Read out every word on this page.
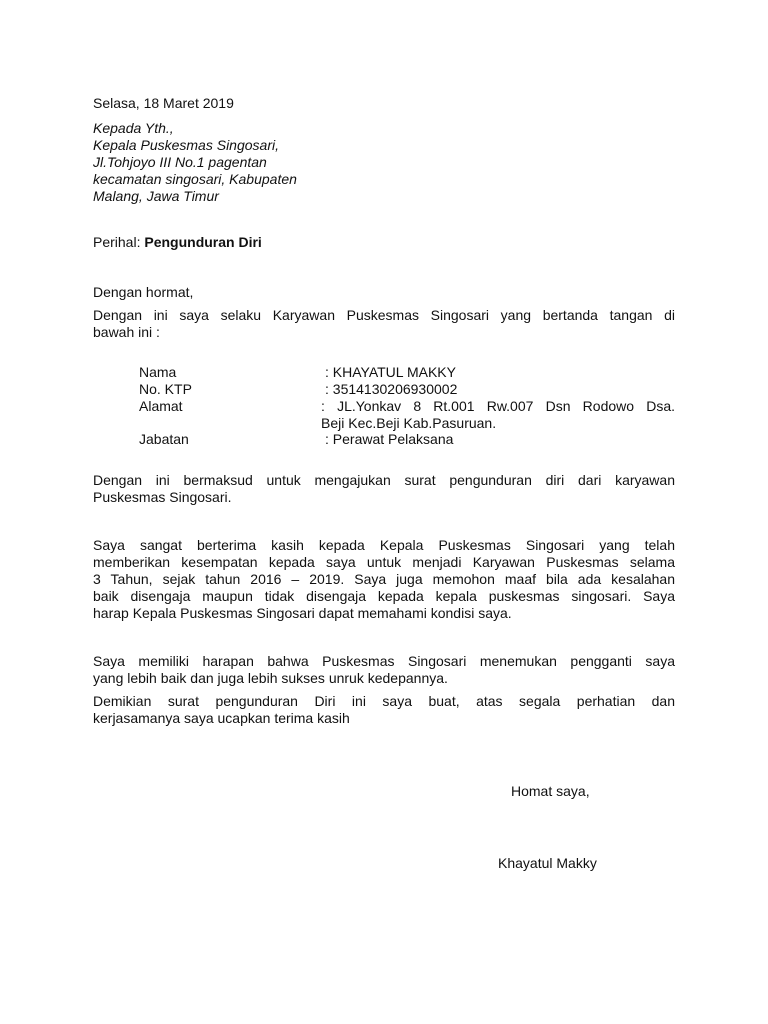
Selasa, 18 Maret 2019
Kepada Yth.,
Kepala Puskesmas Singosari,
Jl.Tohjoyo III No.1 pagentan
kecamatan singosari, Kabupaten
Malang, Jawa Timur
Perihal: Pengunduran Diri
Dengan hormat,
Dengan ini saya selaku Karyawan Puskesmas Singosari yang bertanda tangan di
bawah ini :
Nama	: KHAYATUL MAKKY
No. KTP	: 3514130206930002
Alamat	: JL.Yonkav 8 Rt.001 Rw.007 Dsn Rodowo Dsa.
Beji Kec.Beji Kab.Pasuruan.
Jabatan	: Perawat Pelaksana
Dengan ini bermaksud untuk mengajukan surat pengunduran diri dari karyawan
Puskesmas Singosari.
Saya sangat berterima kasih kepada Kepala Puskesmas Singosari yang telah
memberikan kesempatan kepada saya untuk menjadi Karyawan Puskesmas selama
3 Tahun, sejak tahun 2016 – 2019. Saya juga memohon maaf bila ada kesalahan
baik disengaja maupun tidak disengaja kepada kepala puskesmas singosari. Saya
harap Kepala Puskesmas Singosari dapat memahami kondisi saya.
Saya memiliki harapan bahwa Puskesmas Singosari menemukan pengganti saya
yang lebih baik dan juga lebih sukses unruk kedepannya.
Demikian surat pengunduran Diri ini saya buat, atas segala perhatian dan
kerjasamanya saya ucapkan terima kasih
Homat saya,
Khayatul Makky
